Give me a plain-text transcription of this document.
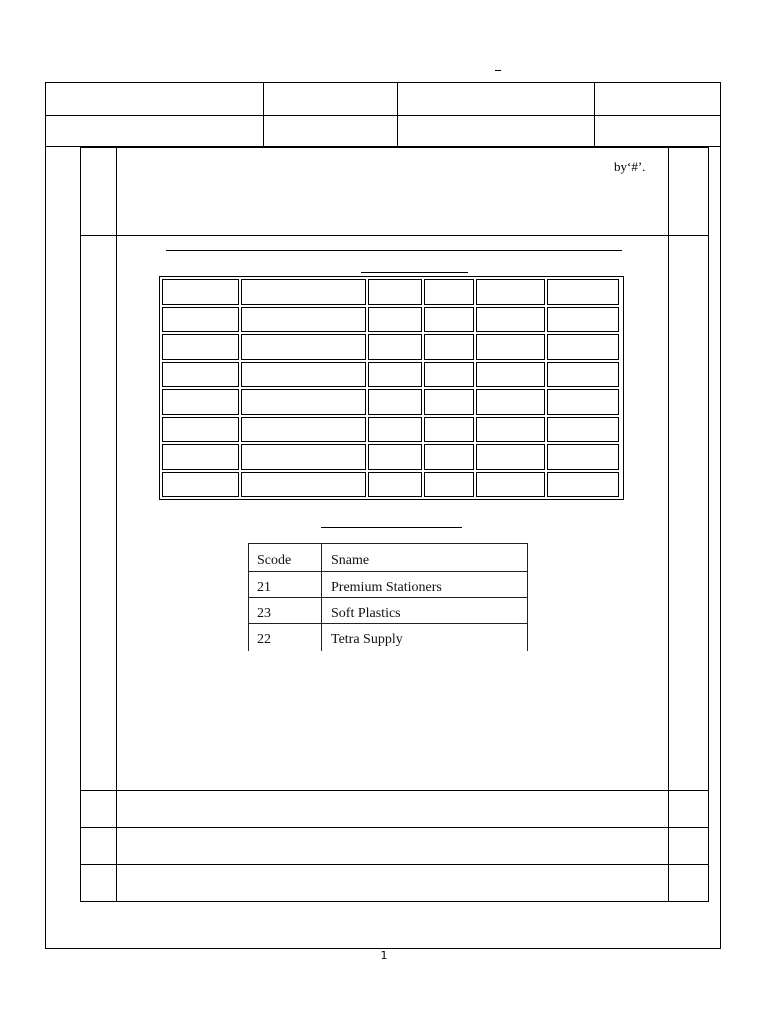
by‘#’.
Scode	Sname
21	Premium Stationers
23	Soft Plastics
22	Tetra Supply
1
